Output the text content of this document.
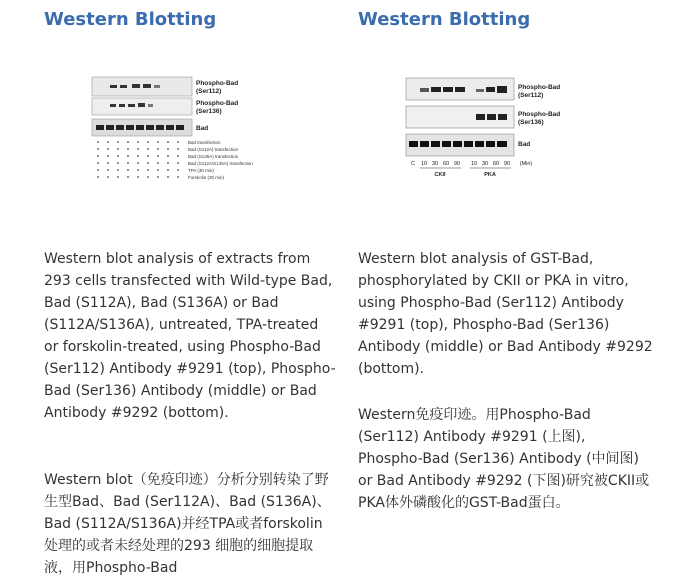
Western Blotting
Phospho-Bad
(Ser112)
Phospho-Bad
(Ser136)
Bad
Bad transfection
Bad (S112A) transfection
Bad (S136A) transfection
Bad (S112A/S136A) transfection
TPA (30 min)
Forskolin (30 min)

Western blot analysis of extracts from 293 cells transfected with Wild-type Bad, Bad (S112A), Bad (S136A) or Bad (S112A/S136A), untreated, TPA-treated or forskolin-treated, using Phospho-Bad (Ser112) Antibody #9291 (top), Phospho-Bad (Ser136) Antibody (middle) or Bad Antibody #9292 (bottom).

Western blot（免疫印迹）分析分别转染了野生型Bad、Bad (Ser112A)、Bad (S136A)、Bad (S112A/S136A)并经TPA或者forskolin处理的或者未经处理的293 细胞的细胞提取液，用Phospho-Bad

Western Blotting
Phospho-Bad
(Ser112)
Phospho-Bad
(Ser136)
Bad
C 10 30 60 90 10 30 60 90 (Min)
CKII	PKA

Western blot analysis of GST-Bad, phosphorylated by CKII or PKA in vitro, using Phospho-Bad (Ser112) Antibody #9291 (top), Phospho-Bad (Ser136) Antibody (middle) or Bad Antibody #9292 (bottom).

Western免疫印迹。用Phospho-Bad (Ser112) Antibody #9291 (上图), Phospho-Bad (Ser136) Antibody (中间图) or Bad Antibody #9292 (下图)研究被CKII或PKA体外磷酸化的GST-Bad蛋白。
